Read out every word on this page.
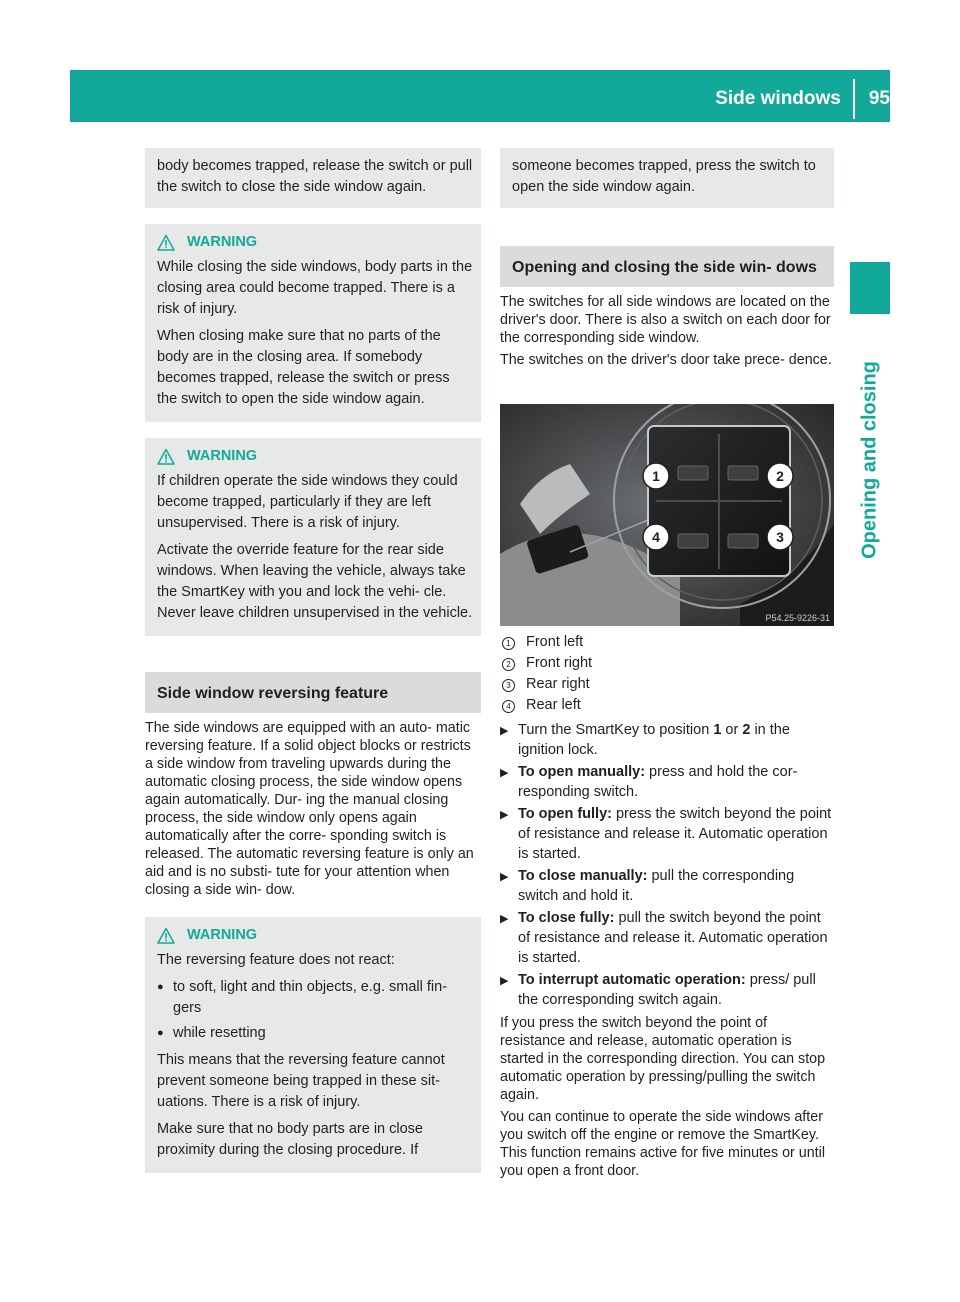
Side windows 95
Opening and closing

body becomes trapped, release the switch or pull the switch to close the side window again.

WARNING

While closing the side windows, body parts in the closing area could become trapped. There is a risk of injury.

When closing make sure that no parts of the body are in the closing area. If somebody becomes trapped, release the switch or press the switch to open the side window again.

WARNING

If children operate the side windows they could become trapped, particularly if they are left unsupervised. There is a risk of injury.

Activate the override feature for the rear side windows. When leaving the vehicle, always take the SmartKey with you and lock the vehi- cle. Never leave children unsupervised in the vehicle.

Side window reversing feature

The side windows are equipped with an auto- matic reversing feature. If a solid object blocks or restricts a side window from traveling upwards during the automatic closing process, the side window opens again automatically. Dur- ing the manual closing process, the side window only opens again automatically after the corre- sponding switch is released. The automatic reversing feature is only an aid and is no substi- tute for your attention when closing a side win- dow.

WARNING

The reversing feature does not react:

● to soft, light and thin objects, e.g. small fin- gers
● while resetting

This means that the reversing feature cannot prevent someone being trapped in these sit- uations. There is a risk of injury.

Make sure that no body parts are in close proximity during the closing procedure. If

someone becomes trapped, press the switch to open the side window again.

Opening and closing the side win- dows

The switches for all side windows are located on the driver's door. There is also a switch on each door for the corresponding side window.

The switches on the driver's door take prece- dence.

1	2
3
4
P54.25-9226-31
1 Front left
2 Front right
3 Rear right
4 Rear left
▶ Turn the SmartKey to position 1 or 2 in the ignition lock.
▶ To open manually: press and hold the cor- responding switch.
▶ To open fully: press the switch beyond the point of resistance and release it. Automatic operation is started.
▶ To close manually: pull the corresponding switch and hold it.
▶ To close fully: pull the switch beyond the point of resistance and release it. Automatic operation is started.
▶ To interrupt automatic operation: press/ pull the corresponding switch again.

If you press the switch beyond the point of resistance and release, automatic operation is started in the corresponding direction. You can stop automatic operation by pressing/pulling the switch again.

You can continue to operate the side windows after you switch off the engine or remove the SmartKey. This function remains active for five minutes or until you open a front door.
